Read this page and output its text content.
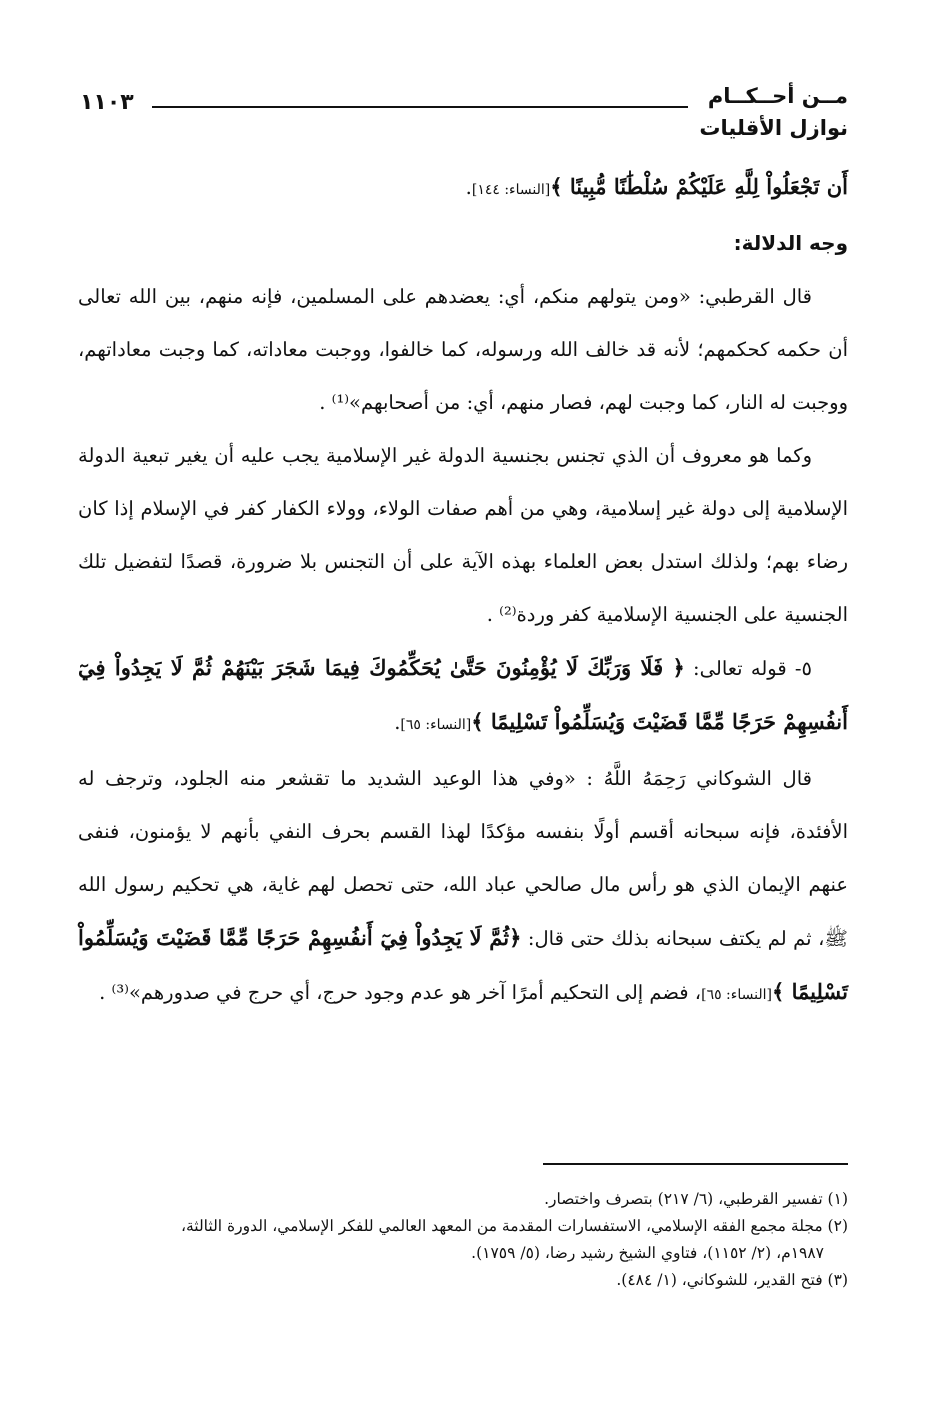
مــن أحــكــام
نوازل الأقليات
١١٠٣

أَن تَجْعَلُواْ لِلَّهِ عَلَيْكُمْ سُلْطَٰنًا مُّبِينًا ﴾[النساء: ١٤٤].

وجه الدلالة:

قال القرطبي: «ومن يتولهم منكم، أي: يعضدهم على المسلمين، فإنه منهم، بين الله تعالى أن حكمه كحكمهم؛ لأنه قد خالف الله ورسوله، كما خالفوا، ووجبت معاداته، كما وجبت معاداتهم، ووجبت له النار، كما وجبت لهم، فصار منهم، أي: من أصحابهم»⁽¹⁾ .

وكما هو معروف أن الذي تجنس بجنسية الدولة غير الإسلامية يجب عليه أن يغير تبعية الدولة الإسلامية إلى دولة غير إسلامية، وهي من أهم صفات الولاء، وولاء الكفار كفر في الإسلام إذا كان رضاء بهم؛ ولذلك استدل بعض العلماء بهذه الآية على أن التجنس بلا ضرورة، قصدًا لتفضيل تلك الجنسية على الجنسية الإسلامية كفر وردة⁽²⁾ .

٥- قوله تعالى: ﴿ فَلَا وَرَبِّكَ لَا يُؤْمِنُونَ حَتَّىٰ يُحَكِّمُوكَ فِيمَا شَجَرَ بَيْنَهُمْ ثُمَّ لَا يَجِدُواْ فِيٓ أَنفُسِهِمْ حَرَجًا مِّمَّا قَضَيْتَ وَيُسَلِّمُواْ تَسْلِيمًا ﴾[النساء: ٦٥].

قال الشوكاني رَحِمَهُ اللَّهُ : «وفي هذا الوعيد الشديد ما تقشعر منه الجلود، وترجف له الأفئدة، فإنه سبحانه أقسم أولًا بنفسه مؤكدًا لهذا القسم بحرف النفي بأنهم لا يؤمنون، فنفى عنهم الإيمان الذي هو رأس مال صالحي عباد الله، حتى تحصل لهم غاية، هي تحكيم رسول الله ﷺ، ثم لم يكتف سبحانه بذلك حتى قال: ﴿ثُمَّ لَا يَجِدُواْ فِيٓ أَنفُسِهِمْ حَرَجًا مِّمَّا قَضَيْتَ وَيُسَلِّمُواْ تَسْلِيمًا ﴾[النساء: ٦٥]، فضم إلى التحكيم أمرًا آخر هو عدم وجود حرج، أي حرج في صدورهم»⁽³⁾ .

(١) تفسير القرطبي، (٦/ ٢١٧) بتصرف واختصار.

(٢) مجلة مجمع الفقه الإسلامي، الاستفسارات المقدمة من المعهد العالمي للفكر الإسلامي، الدورة الثالثة،

١٩٨٧م، (٢/ ١١٥٢)، فتاوي الشيخ رشيد رضا، (٥/ ١٧٥٩).

(٣) فتح القدير، للشوكاني، (١/ ٤٨٤).
